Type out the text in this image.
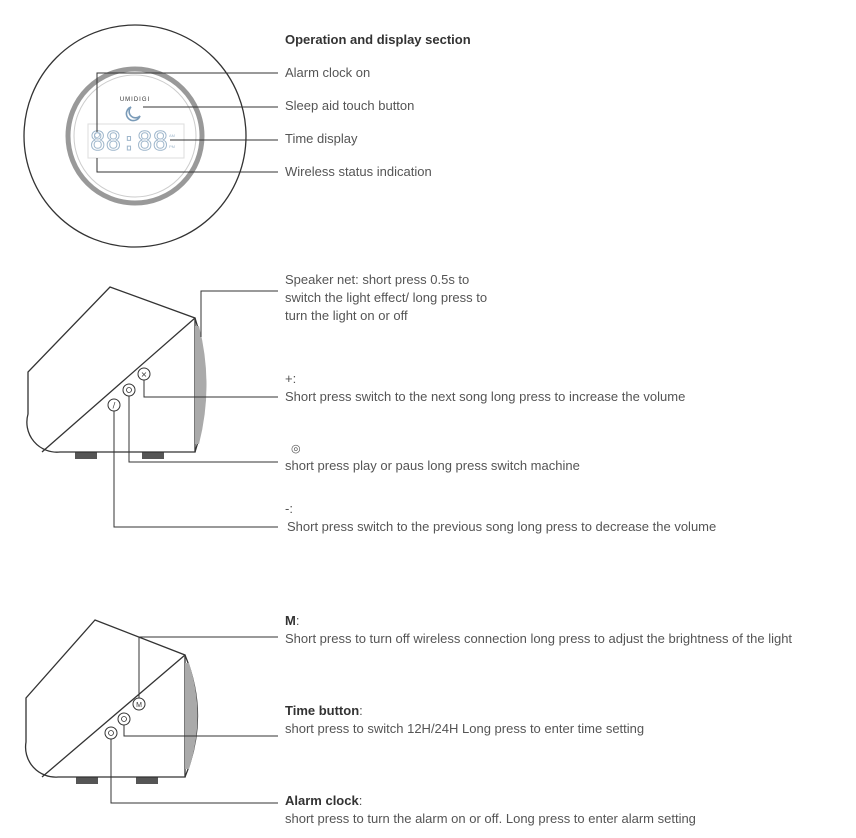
UMIDIGI
88:88 AM
PM
×
/
M
Operation and display section
Alarm clock on
Sleep aid touch button
Time display
Wireless status indication
Speaker net: short press 0.5s to
switch the light effect/ long press to
turn the light on or off
+:
Short press switch to the next song long press to increase the volume
◎
short press play or paus long press switch machine
-:
Short press switch to the previous song long press to decrease the volume
M:
Short press to turn off wireless connection long press to adjust the brightness of the light
Time button:
short press to switch 12H/24H Long press to enter time setting
Alarm clock:
short press to turn the alarm on or off. Long press to enter alarm setting
